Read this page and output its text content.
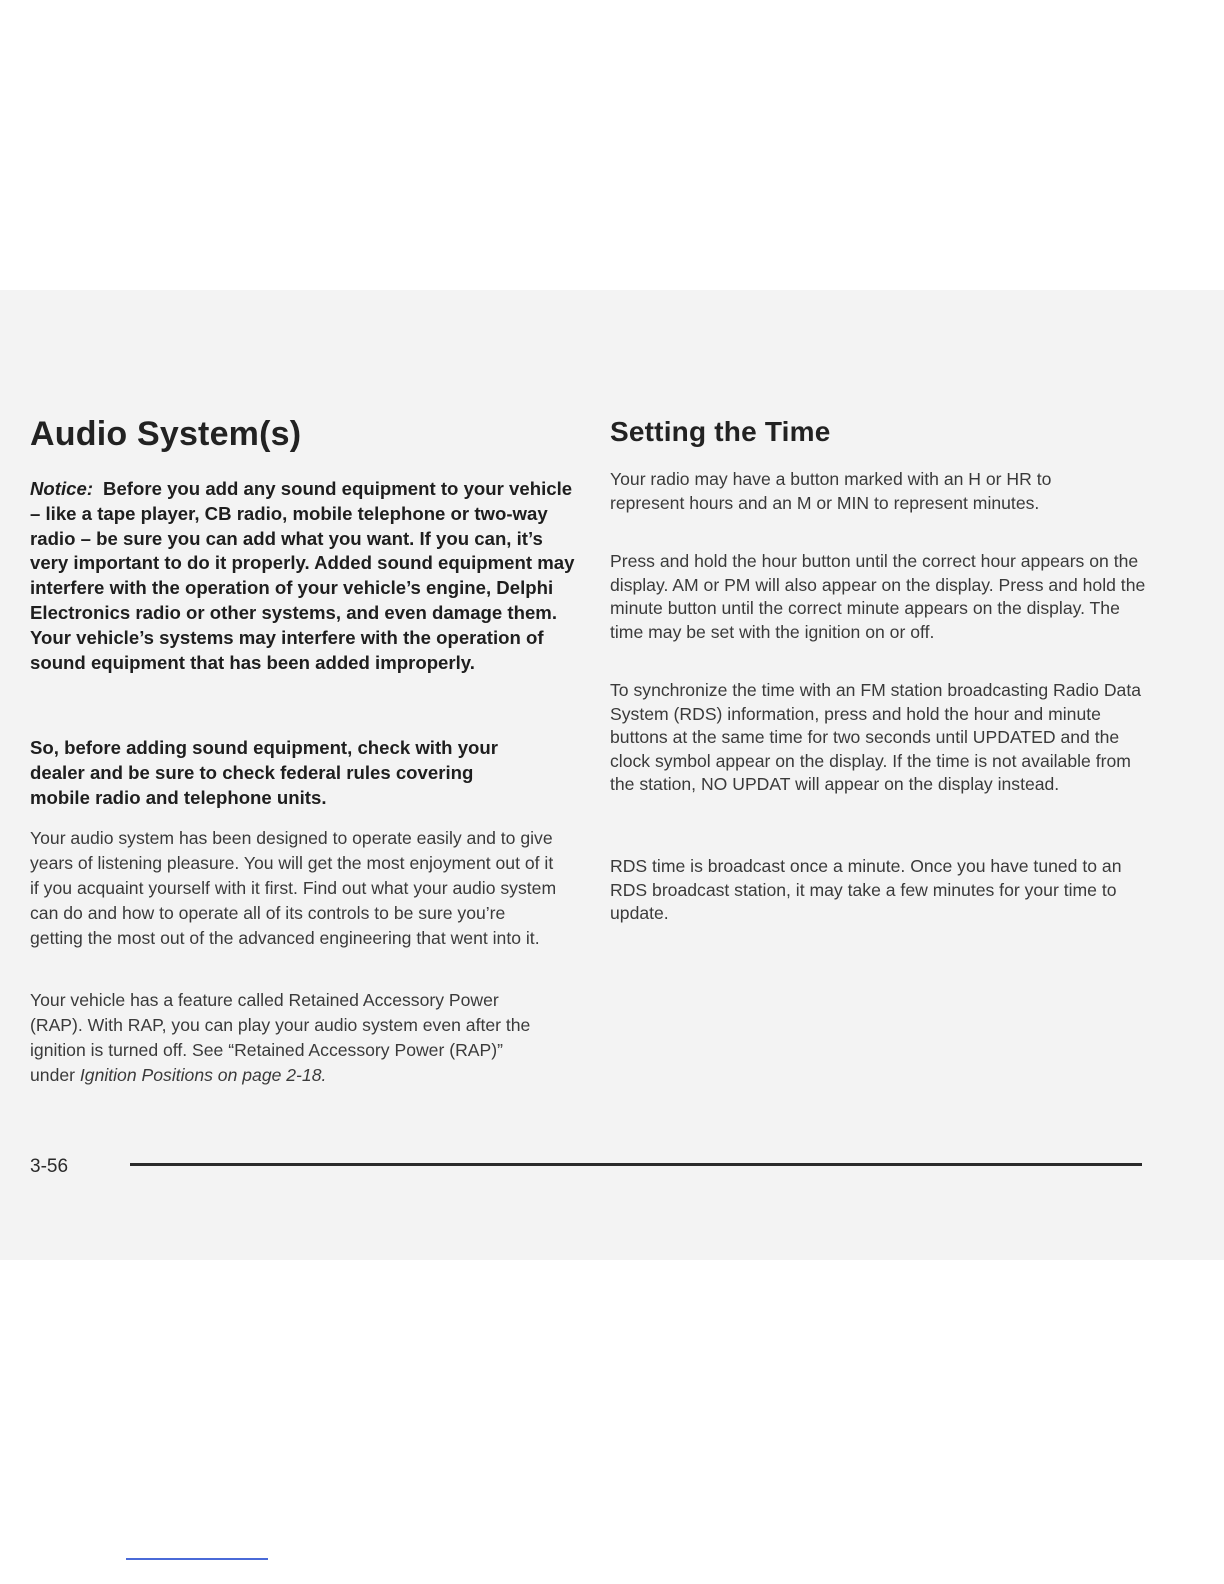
Audio System(s)

Notice: Before you add any sound equipment to your vehicle – like a tape player, CB radio, mobile telephone or two-way radio – be sure you can add what you want. If you can, it’s very important to do it properly. Added sound equipment may interfere with the operation of your vehicle’s engine, Delphi Electronics radio or other systems, and even damage them. Your vehicle’s systems may interfere with the operation of sound equipment that has been added improperly.

So, before adding sound equipment, check with your dealer and be sure to check federal rules covering mobile radio and telephone units.

Your audio system has been designed to operate easily and to give years of listening pleasure. You will get the most enjoyment out of it if you acquaint yourself with it first. Find out what your audio system can do and how to operate all of its controls to be sure you’re getting the most out of the advanced engineering that went into it.

Your vehicle has a feature called Retained Accessory Power (RAP). With RAP, you can play your audio system even after the ignition is turned off. See “Retained Accessory Power (RAP)” under Ignition Positions on page 2-18.

Setting the Time

Your radio may have a button marked with an H or HR to represent hours and an M or MIN to represent minutes.

Press and hold the hour button until the correct hour appears on the display. AM or PM will also appear on the display. Press and hold the minute button until the correct minute appears on the display. The time may be set with the ignition on or off.

To synchronize the time with an FM station broadcasting Radio Data System (RDS) information, press and hold the hour and minute buttons at the same time for two seconds until UPDATED and the clock symbol appear on the display. If the time is not available from the station, NO UPDAT will appear on the display instead.

RDS time is broadcast once a minute. Once you have tuned to an RDS broadcast station, it may take a few minutes for your time to update.

3-56
